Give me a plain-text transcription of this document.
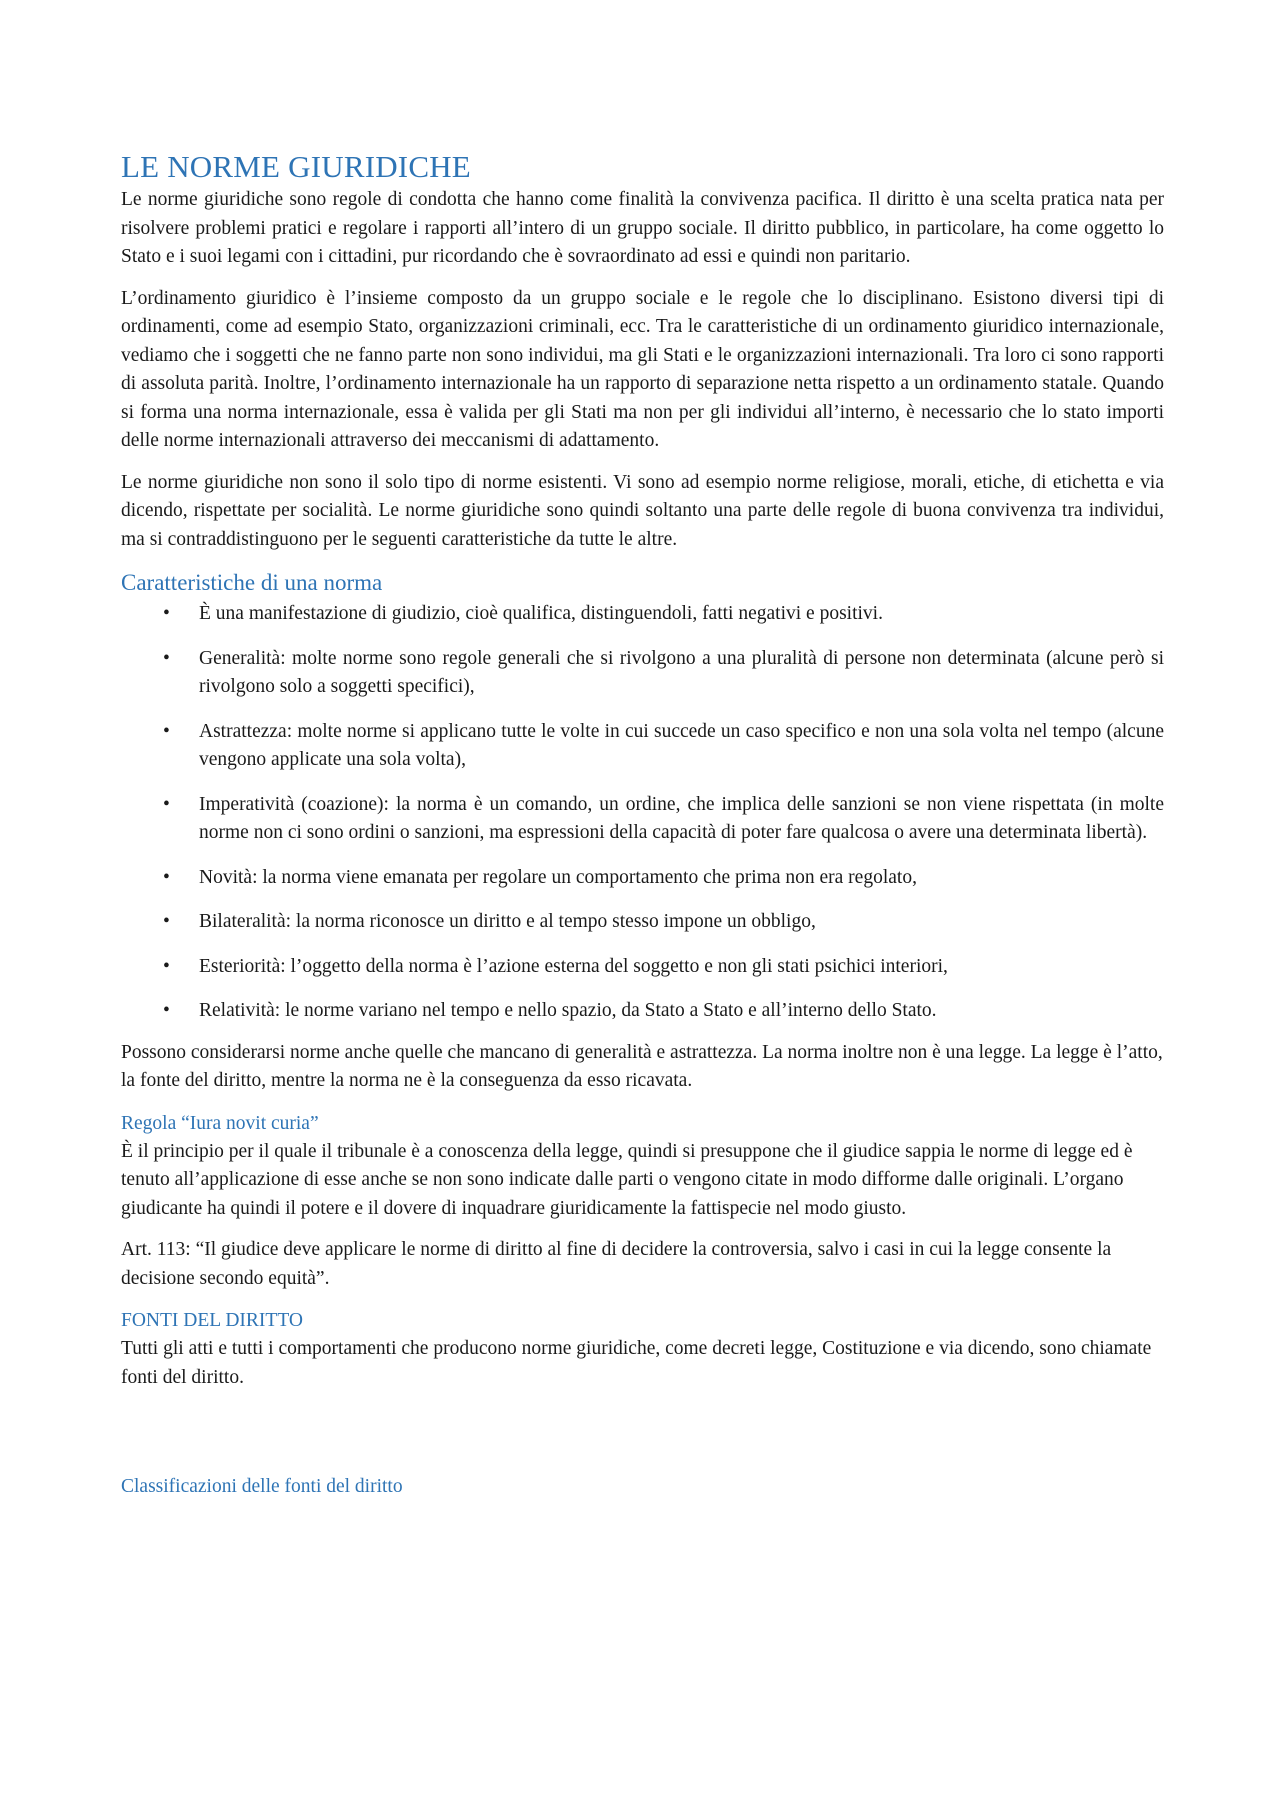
LE NORME GIURIDICHE

Le norme giuridiche sono regole di condotta che hanno come finalità la convivenza pacifica. Il diritto è una scelta pratica nata per risolvere problemi pratici e regolare i rapporti all’intero di un gruppo sociale. Il diritto pubblico, in particolare, ha come oggetto lo Stato e i suoi legami con i cittadini, pur ricordando che è sovraordinato ad essi e quindi non paritario.

L’ordinamento giuridico è l’insieme composto da un gruppo sociale e le regole che lo disciplinano. Esistono diversi tipi di ordinamenti, come ad esempio Stato, organizzazioni criminali, ecc. Tra le caratteristiche di un ordinamento giuridico internazionale, vediamo che i soggetti che ne fanno parte non sono individui, ma gli Stati e le organizzazioni internazionali. Tra loro ci sono rapporti di assoluta parità. Inoltre, l’ordinamento internazionale ha un rapporto di separazione netta rispetto a un ordinamento statale. Quando si forma una norma internazionale, essa è valida per gli Stati ma non per gli individui all’interno, è necessario che lo stato importi delle norme internazionali attraverso dei meccanismi di adattamento.

Le norme giuridiche non sono il solo tipo di norme esistenti. Vi sono ad esempio norme religiose, morali, etiche, di etichetta e via dicendo, rispettate per socialità. Le norme giuridiche sono quindi soltanto una parte delle regole di buona convivenza tra individui, ma si contraddistinguono per le seguenti caratteristiche da tutte le altre.

Caratteristiche di una norma
• È una manifestazione di giudizio, cioè qualifica, distinguendoli, fatti negativi e positivi.
• Generalità: molte norme sono regole generali che si rivolgono a una pluralità di persone non determinata (alcune però si rivolgono solo a soggetti specifici),
• Astrattezza: molte norme si applicano tutte le volte in cui succede un caso specifico e non una sola volta nel tempo (alcune vengono applicate una sola volta),
• Imperatività (coazione): la norma è un comando, un ordine, che implica delle sanzioni se non viene rispettata (in molte norme non ci sono ordini o sanzioni, ma espressioni della capacità di poter fare qualcosa o avere una determinata libertà).
• Novità: la norma viene emanata per regolare un comportamento che prima non era regolato,
• Bilateralità: la norma riconosce un diritto e al tempo stesso impone un obbligo,
• Esteriorità: l’oggetto della norma è l’azione esterna del soggetto e non gli stati psichici interiori,
• Relatività: le norme variano nel tempo e nello spazio, da Stato a Stato e all’interno dello Stato.

Possono considerarsi norme anche quelle che mancano di generalità e astrattezza. La norma inoltre non è una legge. La legge è l’atto, la fonte del diritto, mentre la norma ne è la conseguenza da esso ricavata.

Regola “Iura novit curia”

È il principio per il quale il tribunale è a conoscenza della legge, quindi si presuppone che il giudice sappia le norme di legge ed è tenuto all’applicazione di esse anche se non sono indicate dalle parti o vengono citate in modo difforme dalle originali. L’organo giudicante ha quindi il potere e il dovere di inquadrare giuridicamente la fattispecie nel modo giusto.

Art. 113: “Il giudice deve applicare le norme di diritto al fine di decidere la controversia, salvo i casi in cui la legge consente la decisione secondo equità”.

FONTI DEL DIRITTO

Tutti gli atti e tutti i comportamenti che producono norme giuridiche, come decreti legge, Costituzione e via dicendo, sono chiamate fonti del diritto.

Classificazioni delle fonti del diritto
